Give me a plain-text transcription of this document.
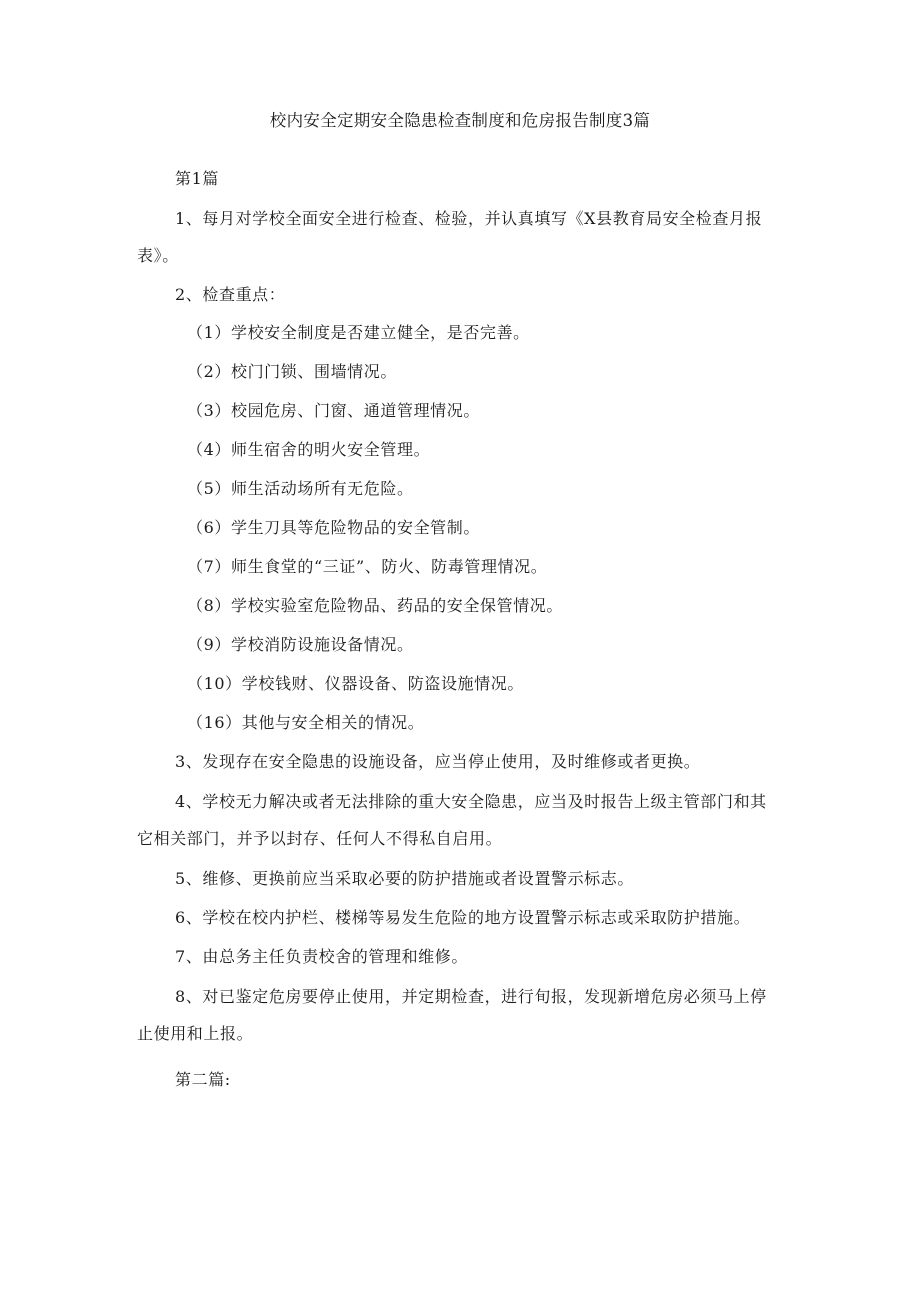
校内安全定期安全隐患检查制度和危房报告制度3篇
第1篇
1、每月对学校全面安全进行检查、检验，并认真填写《X县教育局安全检查月报
表》。
2、检查重点：
（1）学校安全制度是否建立健全，是否完善。
（2）校门门锁、围墙情况。
（3）校园危房、门窗、通道管理情况。
（4）师生宿舍的明火安全管理。
（5）师生活动场所有无危险。
（6）学生刀具等危险物品的安全管制。
（7）师生食堂的“三证”、防火、防毒管理情况。
（8）学校实验室危险物品、药品的安全保管情况。
（9）学校消防设施设备情况。
（10）学校钱财、仪器设备、防盗设施情况。
（16）其他与安全相关的情况。
3、发现存在安全隐患的设施设备，应当停止使用，及时维修或者更换。
4、学校无力解决或者无法排除的重大安全隐患，应当及时报告上级主管部门和其
它相关部门，并予以封存、任何人不得私自启用。
5、维修、更换前应当采取必要的防护措施或者设置警示标志。
6、学校在校内护栏、楼梯等易发生危险的地方设置警示标志或采取防护措施。
7、由总务主任负责校舍的管理和维修。
8、对已鉴定危房要停止使用，并定期检查，进行旬报，发现新增危房必须马上停
止使用和上报。
第二篇:
